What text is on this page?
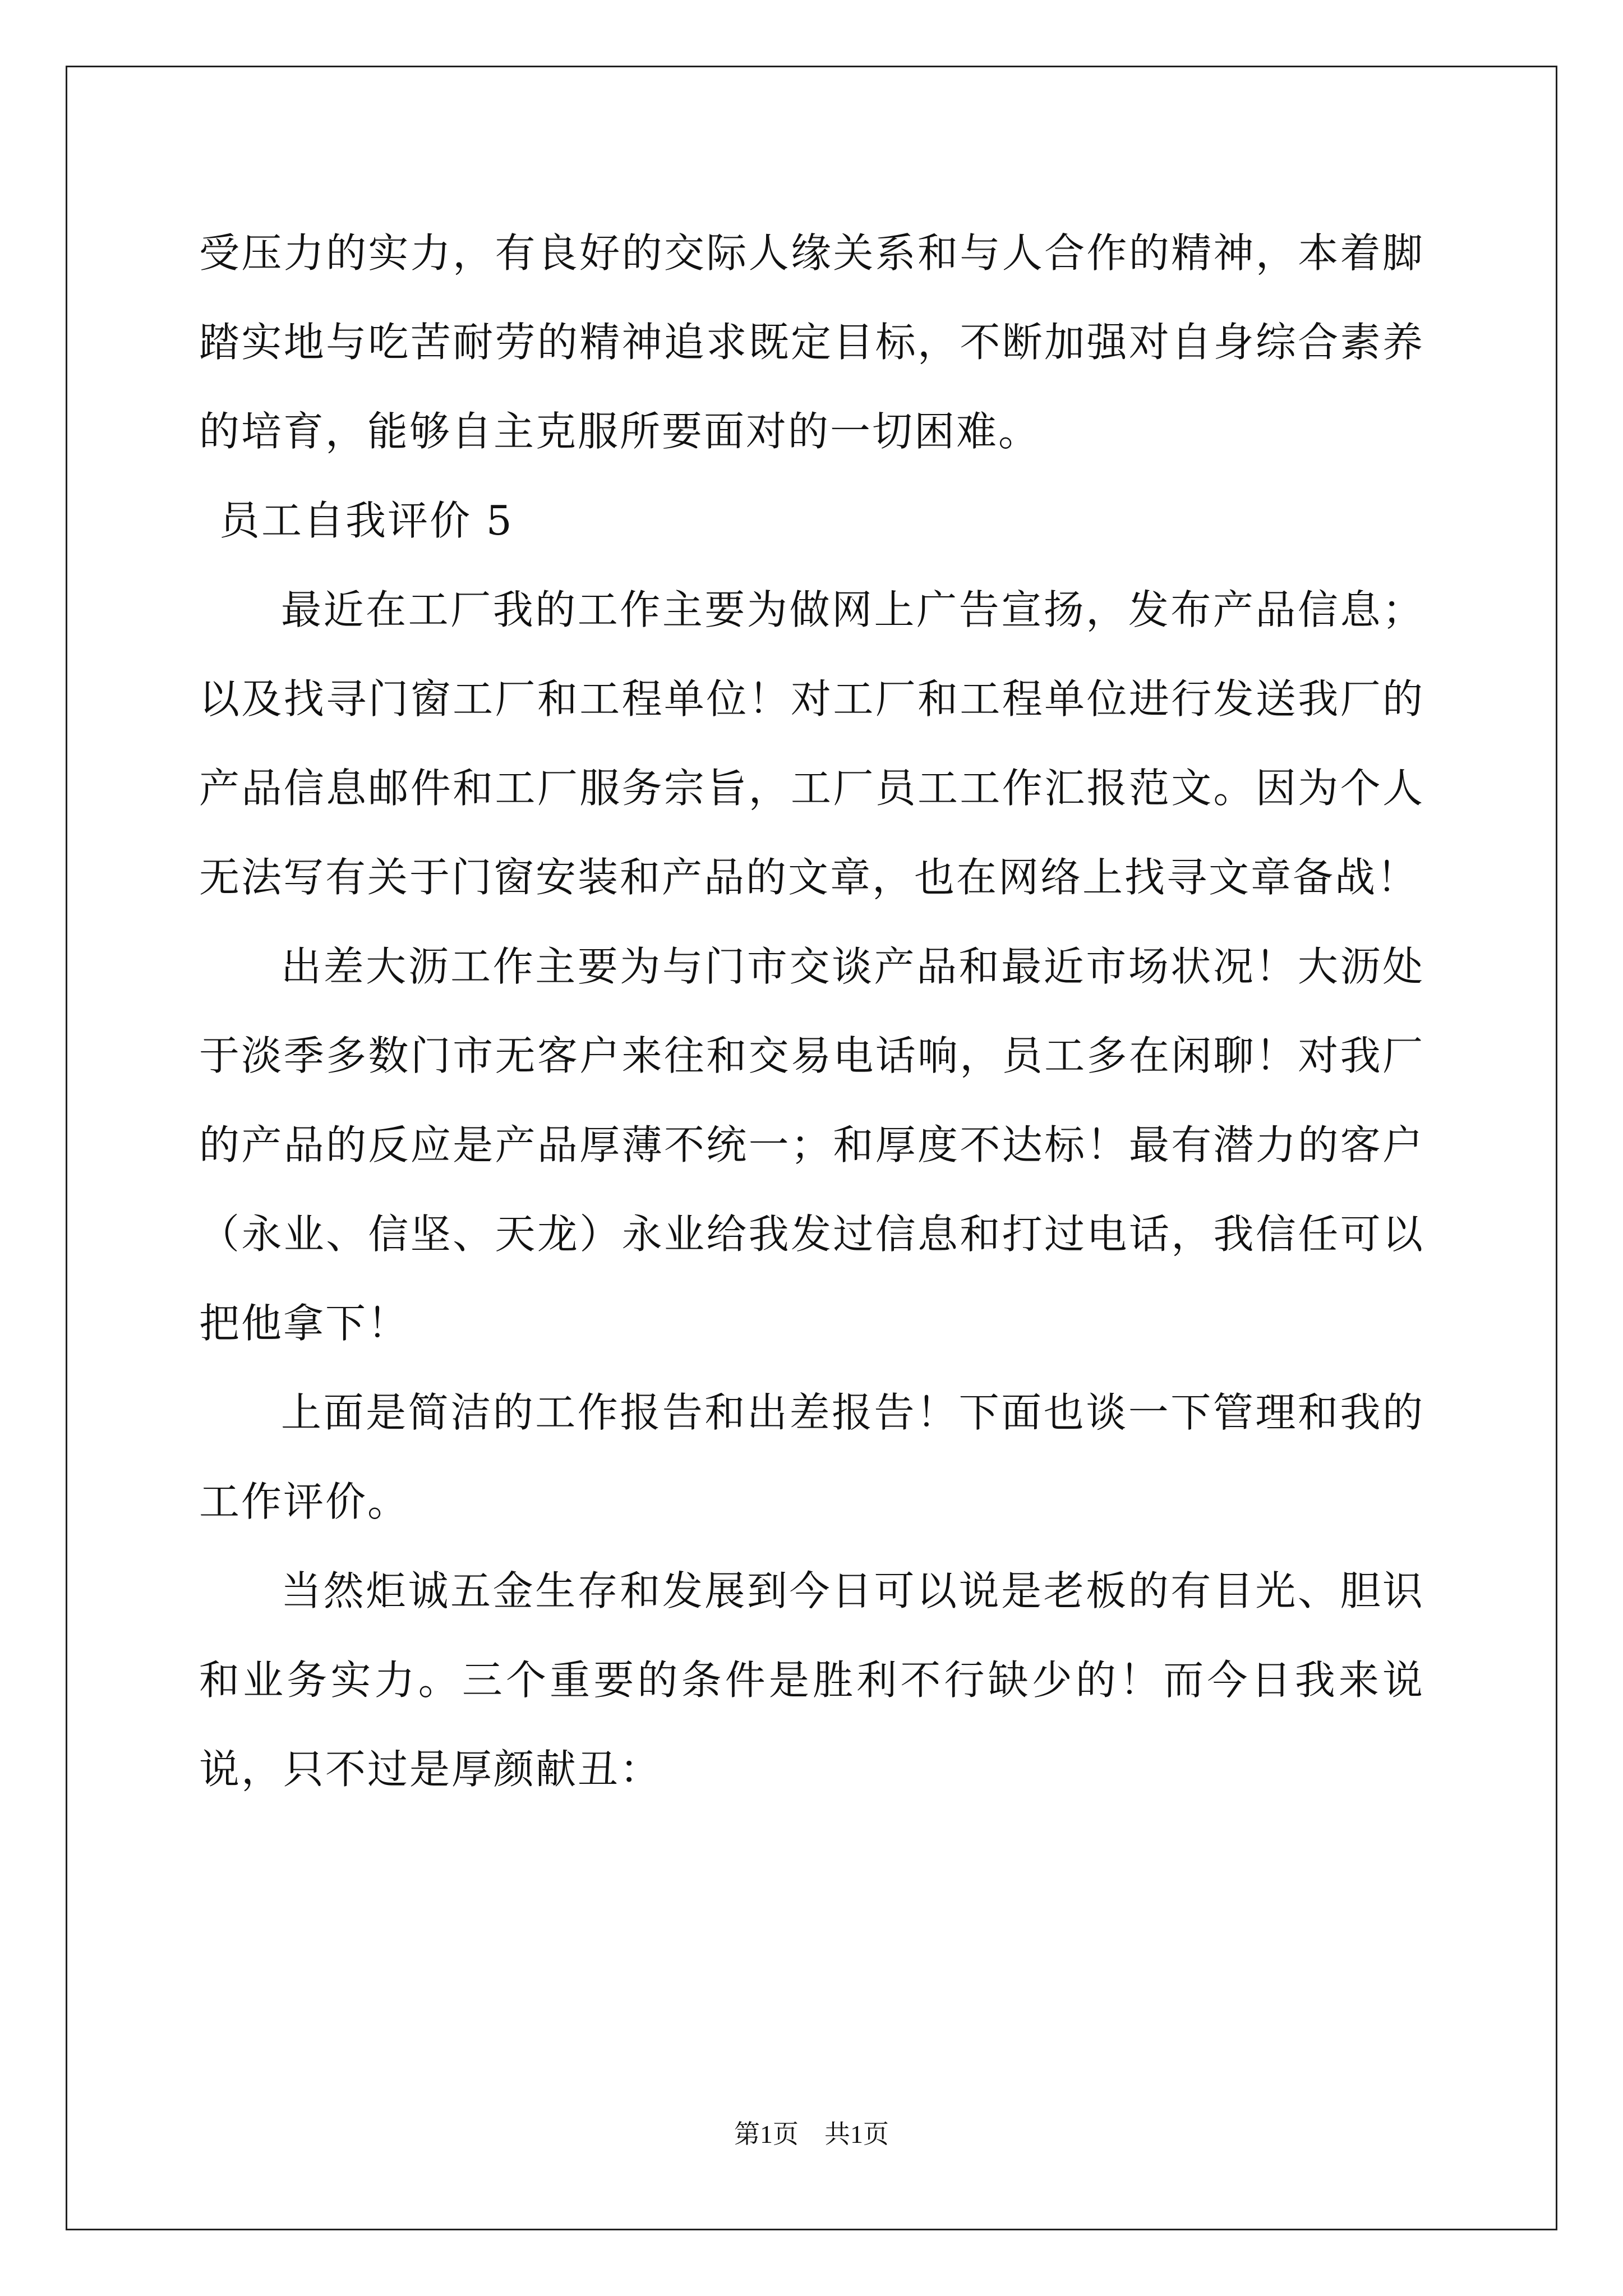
受压力的实力，有良好的交际人缘关系和与人合作的精神，本着脚踏实地与吃苦耐劳的精神追求既定目标，不断加强对自身综合素养的培育，能够自主克服所要面对的一切困难。

员工自我评价 5

最近在工厂我的工作主要为做网上广告宣扬，发布产品信息；以及找寻门窗工厂和工程单位！对工厂和工程单位进行发送我厂的产品信息邮件和工厂服务宗旨，工厂员工工作汇报范文。因为个人无法写有关于门窗安装和产品的文章，也在网络上找寻文章备战！

出差大沥工作主要为与门市交谈产品和最近市场状况！大沥处于淡季多数门市无客户来往和交易电话响，员工多在闲聊！对我厂的产品的反应是产品厚薄不统一；和厚度不达标！最有潜力的客户（永业、信坚、天龙）永业给我发过信息和打过电话，我信任可以把他拿下！

上面是简洁的工作报告和出差报告！下面也谈一下管理和我的工作评价。

当然炬诚五金生存和发展到今日可以说是老板的有目光、胆识和业务实力。三个重要的条件是胜利不行缺少的！而今日我来说说，只不过是厚颜献丑：

第1页　共1页
